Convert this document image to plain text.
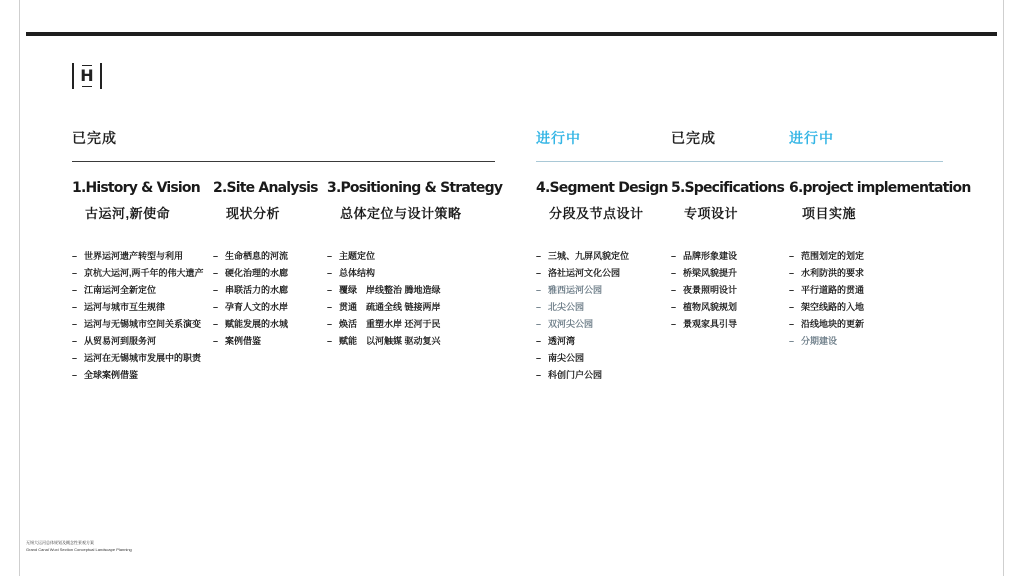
H
已完成	进行中	已完成	进行中
1.History & Vision
古运河,新使命
– 世界运河遗产转型与利用
– 京杭大运河,两千年的伟大遗产
– 江南运河全新定位
– 运河与城市互生规律
– 运河与无锡城市空间关系演变
– 从贸易河到服务河
– 运河在无锡城市发展中的职责
– 全球案例借鉴
2.Site Analysis
现状分析
– 生命栖息的河流
– 硬化治理的水廊
– 串联活力的水廊
– 孕育人文的水岸
– 赋能发展的水城
– 案例借鉴
3.Positioning & Strategy
总体定位与设计策略
– 主题定位
– 总体结构
– 覆绿　岸线整治 腾地造绿
– 贯通　疏通全线 链接两岸
– 焕活　重塑水岸 还河于民
– 赋能　以河触媒 驱动复兴
4.Segment Design
分段及节点设计
– 三城、九屏风貌定位
– 洛社运河文化公园
– 雅西运河公园
– 北尖公园
– 双河尖公园
– 透河湾
– 南尖公园
– 科创门户公园
5.Specifications
专项设计
– 品牌形象建设
– 桥梁风貌提升
– 夜景照明设计
– 植物风貌规划
– 景观家具引导
6.project implementation
项目实施
– 范围划定的划定
– 水利防洪的要求
– 平行道路的贯通
– 架空线路的入地
– 沿线地块的更新
– 分期建设
无锡大运河总体规划及概念性景观方案
Grand Canal Wuxi Section Conceptual Landscape Planning
